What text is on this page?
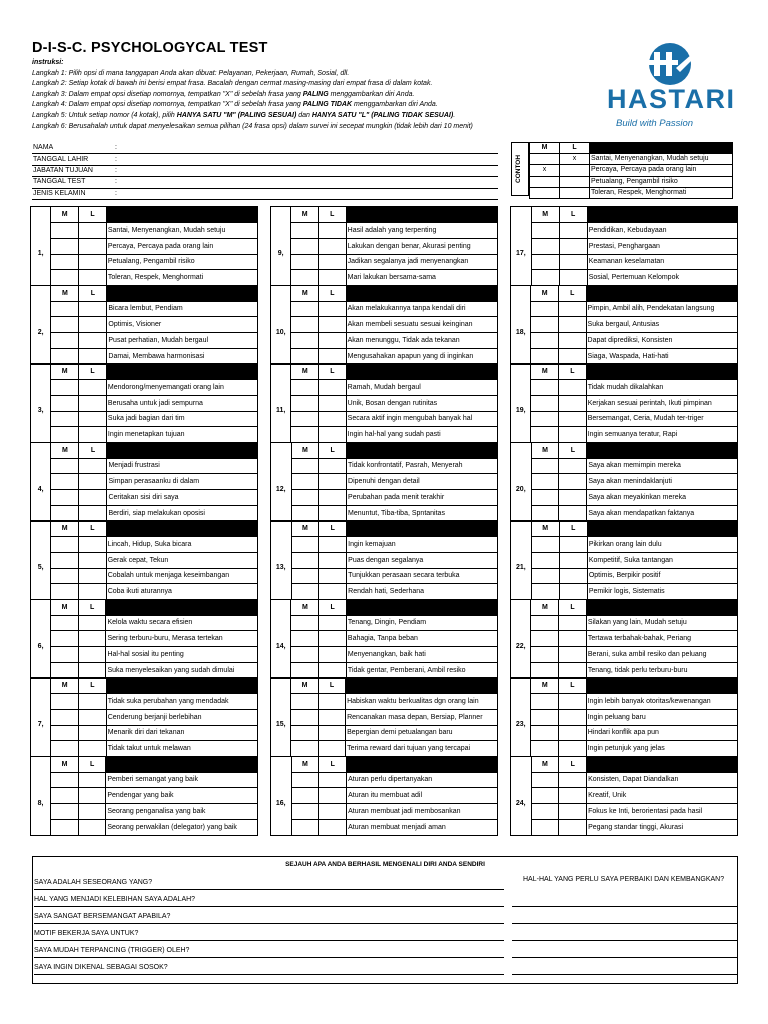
D-I-S-C. PSYCHOLOGYCAL TEST
instruksi:
Langkah 1: Pilih opsi di mana tanggapan Anda akan dibuat: Pelayanan, Pekerjaan, Rumah, Sosial, dll.
Langkah 2: Setiap kotak di bawah ini berisi empat frasa. Bacalah dengan cermat masing-masing dari empat frasa di dalam kotak.
Langkah 3: Dalam empat opsi disetiap nomornya, tempatkan "X" di sebelah frasa yang PALING menggambarkan diri Anda.
Langkah 4: Dalam empat opsi disetiap nomornya, tempatkan "X" di sebelah frasa yang PALING TIDAK menggambarkan diri Anda.
Langkah 5: Untuk setiap nomor (4 kotak), pilih HANYA SATU "M" (PALING SESUAI) dan HANYA SATU "L" (PALING TIDAK SESUAI).
Langkah 6: Berusahalah untuk dapat menyelesaikan semua pilihan (24 frasa opsi) dalam survei ini secepat mungkin (tidak lebih dari 10 menit)
HASTARI
Build with Passion
NAMA	:	
TANGGAL LAHIR	:	
JABATAN TUJUAN	:	
TANGGAL TEST	:	
JENIS KELAMIN	:	
CONTOH
M	L	
	x	Santai, Menyenangkan, Mudah setuju
x		Percaya, Percaya pada orang lain
		Petualang, Pengambil risiko
		Toleran, Respek, Menghormati
	M	L	
1,			Santai, Menyenangkan, Mudah setuju
			Percaya, Percaya pada orang lain
			Petualang, Pengambil risiko
			Toleran, Respek, Menghormati
	M	L	
2,			Bicara lembut, Pendiam
			Optimis, Visioner
			Pusat perhatian, Mudah bergaul
			Damai, Membawa harmonisasi
	M	L	
3,			Mendorong/menyemangati orang lain
			Berusaha untuk jadi sempurna
			Suka jadi bagian dari tim
			Ingin menetapkan tujuan
	M	L	
4,			Menjadi frustrasi
			Simpan perasaanku di dalam
			Ceritakan sisi diri saya
			Berdiri, siap melakukan oposisi
	M	L	
5,			Lincah, Hidup, Suka bicara
			Gerak cepat, Tekun
			Cobalah untuk menjaga keseimbangan
			Coba ikuti aturannya
	M	L	
6,			Kelola waktu secara efisien
			Sering terburu-buru, Merasa tertekan
			Hal-hal sosial itu penting
			Suka menyelesaikan yang sudah dimulai
	M	L	
7,			Tidak suka perubahan yang mendadak
			Cenderung berjanji berlebihan
			Menarik diri dari tekanan
			Tidak takut untuk melawan
	M	L	
8,			Pemberi semangat yang baik
			Pendengar yang baik
			Seorang penganalisa yang baik
			Seorang perwakilan (delegator) yang baik
	M	L	
9,			Hasil adalah yang terpenting
			Lakukan dengan benar, Akurasi penting
			Jadikan segalanya jadi menyenangkan
			Mari lakukan bersama-sama
	M	L	
10,			Akan melakukannya tanpa kendali diri
			Akan membeli sesuatu sesuai keinginan
			Akan menunggu, Tidak ada tekanan
			Mengusahakan apapun yang di inginkan
	M	L	
11,			Ramah, Mudah bergaul
			Unik, Bosan dengan rutinitas
			Secara aktif ingin mengubah banyak hal
			Ingin hal-hal yang sudah pasti
	M	L	
12,			Tidak konfrontatif, Pasrah, Menyerah
			Dipenuhi dengan detail
			Perubahan pada menit terakhir
			Menuntut, Tiba-tiba, Spntanitas
	M	L	
13,			Ingin kemajuan
			Puas dengan segalanya
			Tunjukkan perasaan secara terbuka
			Rendah hati, Sederhana
	M	L	
14,			Tenang, Dingin, Pendiam
			Bahagia, Tanpa beban
			Menyenangkan, baik hati
			Tidak gentar, Pemberani, Ambil resiko
	M	L	
15,			Habiskan waktu berkualitas dgn orang lain
			Rencanakan masa depan, Bersiap, Planner
			Bepergian demi petualangan baru
			Terima reward dari tujuan yang tercapai
	M	L	
16,			Aturan perlu dipertanyakan
			Aturan itu membuat adil
			Aturan membuat jadi membosankan
			Aturan membuat menjadi aman
	M	L	
17,			Pendidikan, Kebudayaan
			Prestasi, Penghargaan
			Keamanan keselamatan
			Sosial, Pertemuan Kelompok
	M	L	
18,			Pimpin, Ambil alih, Pendekatan langsung
			Suka bergaul, Antusias
			Dapat diprediksi, Konsisten
			Siaga, Waspada, Hati-hati
	M	L	
19,			Tidak mudah dikalahkan
			Kerjakan sesuai perintah, Ikuti pimpinan
			Bersemangat, Ceria, Mudah ter-triger
			Ingin semuanya teratur, Rapi
	M	L	
20,			Saya akan memimpin mereka
			Saya akan menindaklanjuti
			Saya akan meyakinkan mereka
			Saya akan mendapatkan faktanya
	M	L	
21,			Pikirkan orang lain dulu
			Kompetitif, Suka tantangan
			Optimis, Berpikir positif
			Pemikir logis, Sistematis
	M	L	
22,			Silakan yang lain, Mudah setuju
			Tertawa terbahak-bahak, Periang
			Berani, suka ambil resiko dan peluang
			Tenang, tidak perlu terburu-buru
	M	L	
23,			Ingin lebih banyak otoritas/kewenangan
			Ingin peluang baru
			Hindari konflik apa pun
			Ingin petunjuk yang jelas
	M	L	
24,			Konsisten, Dapat Diandalkan
			Kreatif, Unik
			Fokus ke Inti, berorientasi pada hasil
			Pegang standar tinggi, Akurasi
SEJAUH APA ANDA BERHASIL MENGENALI DIRI ANDA SENDIRI
SAYA ADALAH SESEORANG YANG?
HAL YANG MENJADI KELEBIHAN SAYA ADALAH?
SAYA SANGAT BERSEMANGAT APABILA?
MOTIF BEKERJA SAYA UNTUK?
SAYA MUDAH TERPANCING (TRIGGER) OLEH?
SAYA INGIN DIKENAL SEBAGAI SOSOK?
HAL-HAL YANG PERLU SAYA PERBAIKI DAN KEMBANGKAN?
